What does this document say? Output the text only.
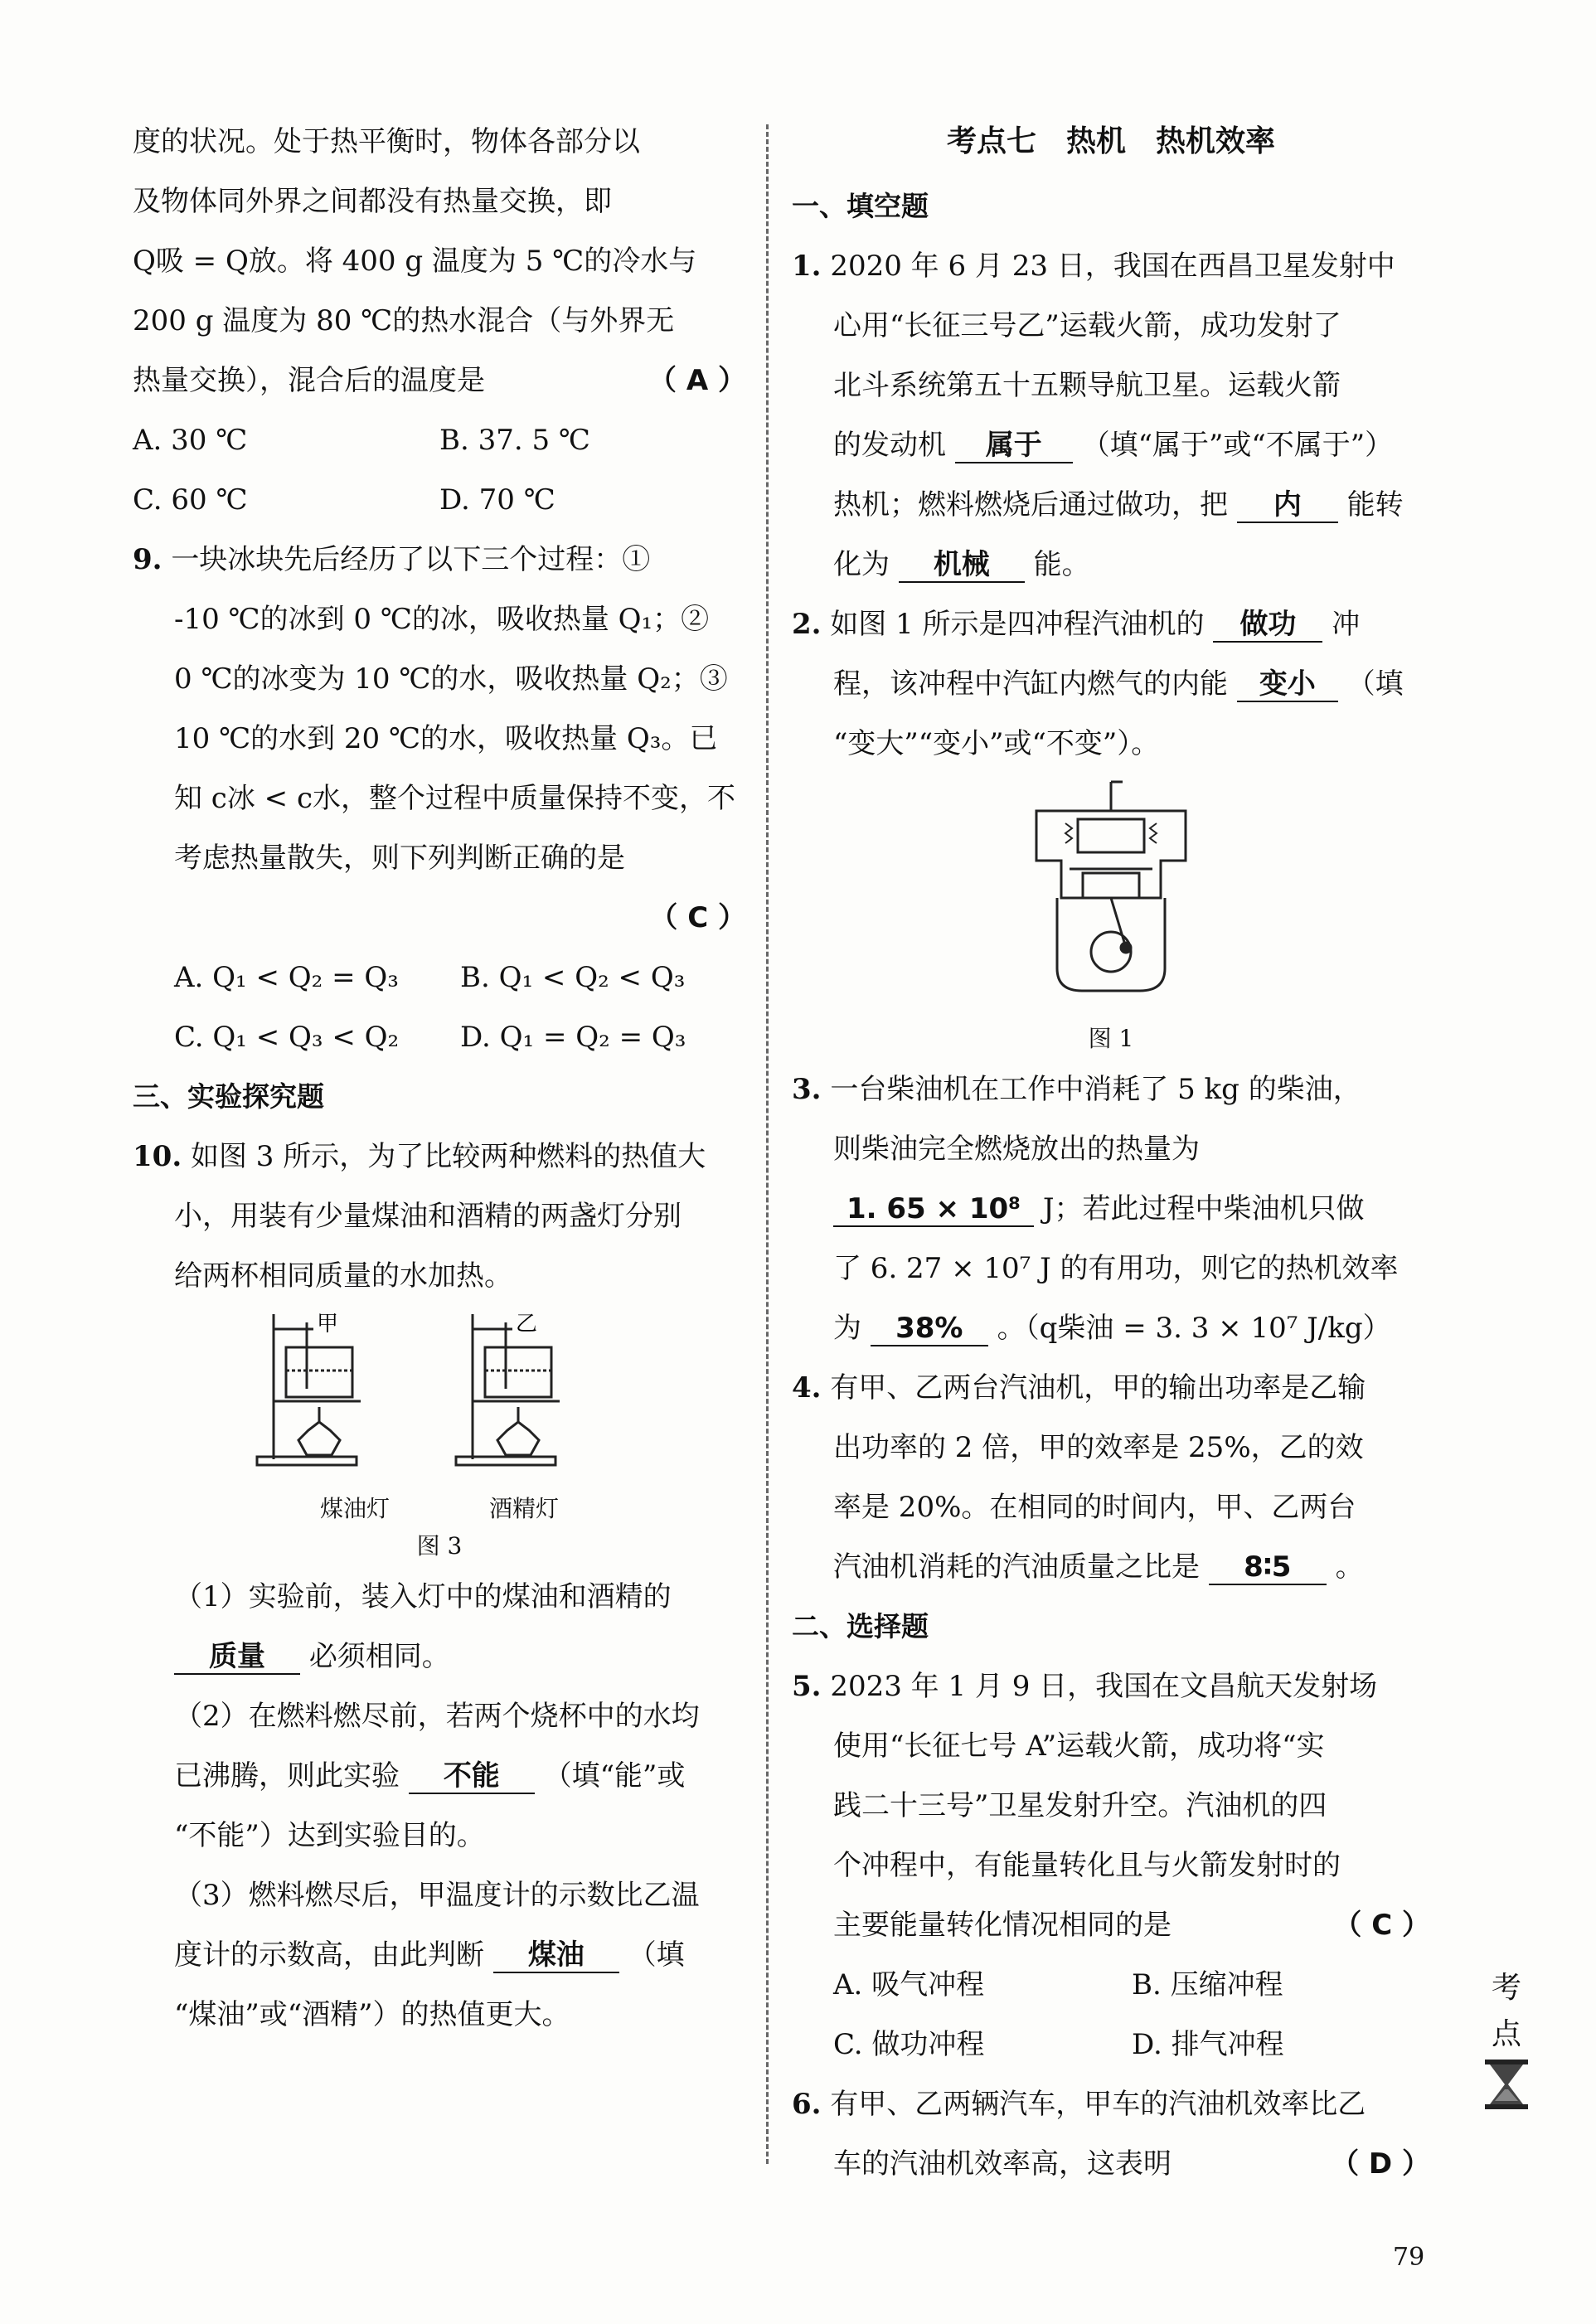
度的状况。处于热平衡时，物体各部分以

及物体同外界之间都没有热量交换，即

Q吸 = Q放。将 400 g 温度为 5 ℃的冷水与

200 g 温度为 80 ℃的热水混合（与外界无

热量交换），混合后的温度是	（ A ）

A. 30 ℃	B. 37. 5 ℃
C. 60 ℃	D. 70 ℃

9. 一块冰块先后经历了以下三个过程：①

-10 ℃的冰到 0 ℃的冰，吸收热量 Q₁；②

0 ℃的冰变为 10 ℃的水，吸收热量 Q₂；③

10 ℃的水到 20 ℃的水，吸收热量 Q₃。已

知 c冰 < c水，整个过程中质量保持不变，不

考虑热量散失，则下列判断正确的是

（ C ）

A. Q₁ < Q₂ = Q₃	B. Q₁ < Q₂ < Q₃
C. Q₁ < Q₃ < Q₂	D. Q₁ = Q₂ = Q₃

三、实验探究题

10. 如图 3 所示，为了比较两种燃料的热值大

小，用装有少量煤油和酒精的两盏灯分别

给两杯相同质量的水加热。

甲	乙
煤油灯	酒精灯
图 3

（1）实验前，装入灯中的煤油和酒精的

质量 必须相同。

（2）在燃料燃尽前，若两个烧杯中的水均

已沸腾，则此实验 不能 （填“能”或

“不能”）达到实验目的。

（3）燃料燃尽后，甲温度计的示数比乙温

度计的示数高，由此判断 煤油 （填

“煤油”或“酒精”）的热值更大。

考点七　热机　热机效率

一、填空题

1. 2020 年 6 月 23 日，我国在西昌卫星发射中

心用“长征三号乙”运载火箭，成功发射了

北斗系统第五十五颗导航卫星。运载火箭

的发动机 属于 （填“属于”或“不属于”）

热机；燃料燃烧后通过做功，把 内 能转

化为 机械 能。

2. 如图 1 所示是四冲程汽油机的 做功 冲

程，该冲程中汽缸内燃气的内能 变小 （填

“变大”“变小”或“不变”）。

图 1

3. 一台柴油机在工作中消耗了 5 kg 的柴油，

则柴油完全燃烧放出的热量为

1. 65 × 10⁸ J；若此过程中柴油机只做

了 6. 27 × 10⁷ J 的有用功，则它的热机效率

为 38% 。（q柴油 = 3. 3 × 10⁷ J/kg）

4. 有甲、乙两台汽油机，甲的输出功率是乙输

出功率的 2 倍，甲的效率是 25%，乙的效

率是 20%。在相同的时间内，甲、乙两台

汽油机消耗的汽油质量之比是 8∶5 。

二、选择题

5. 2023 年 1 月 9 日，我国在文昌航天发射场

使用“长征七号 A”运载火箭，成功将“实

践二十三号”卫星发射升空。汽油机的四

个冲程中，有能量转化且与火箭发射时的

主要能量转化情况相同的是	（ C ）

A. 吸气冲程	B. 压缩冲程
C. 做功冲程	D. 排气冲程

6. 有甲、乙两辆汽车，甲车的汽油机效率比乙

车的汽油机效率高，这表明	（ D ）

考
点
79
